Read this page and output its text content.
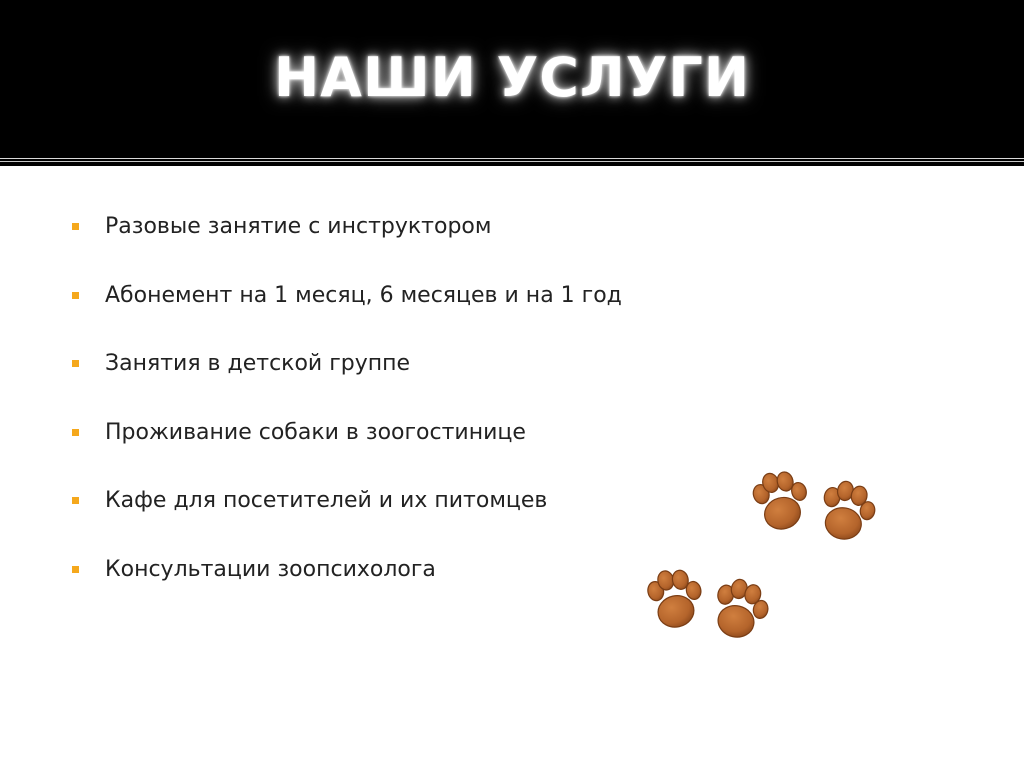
НАШИ УСЛУГИ
Разовые занятие с инструктором
Абонемент на 1 месяц, 6 месяцев и на 1 год
Занятия в детской группе
Проживание собаки в зоогостинице
Кафе для посетителей и их питомцев
Консультации зоопсихолога
